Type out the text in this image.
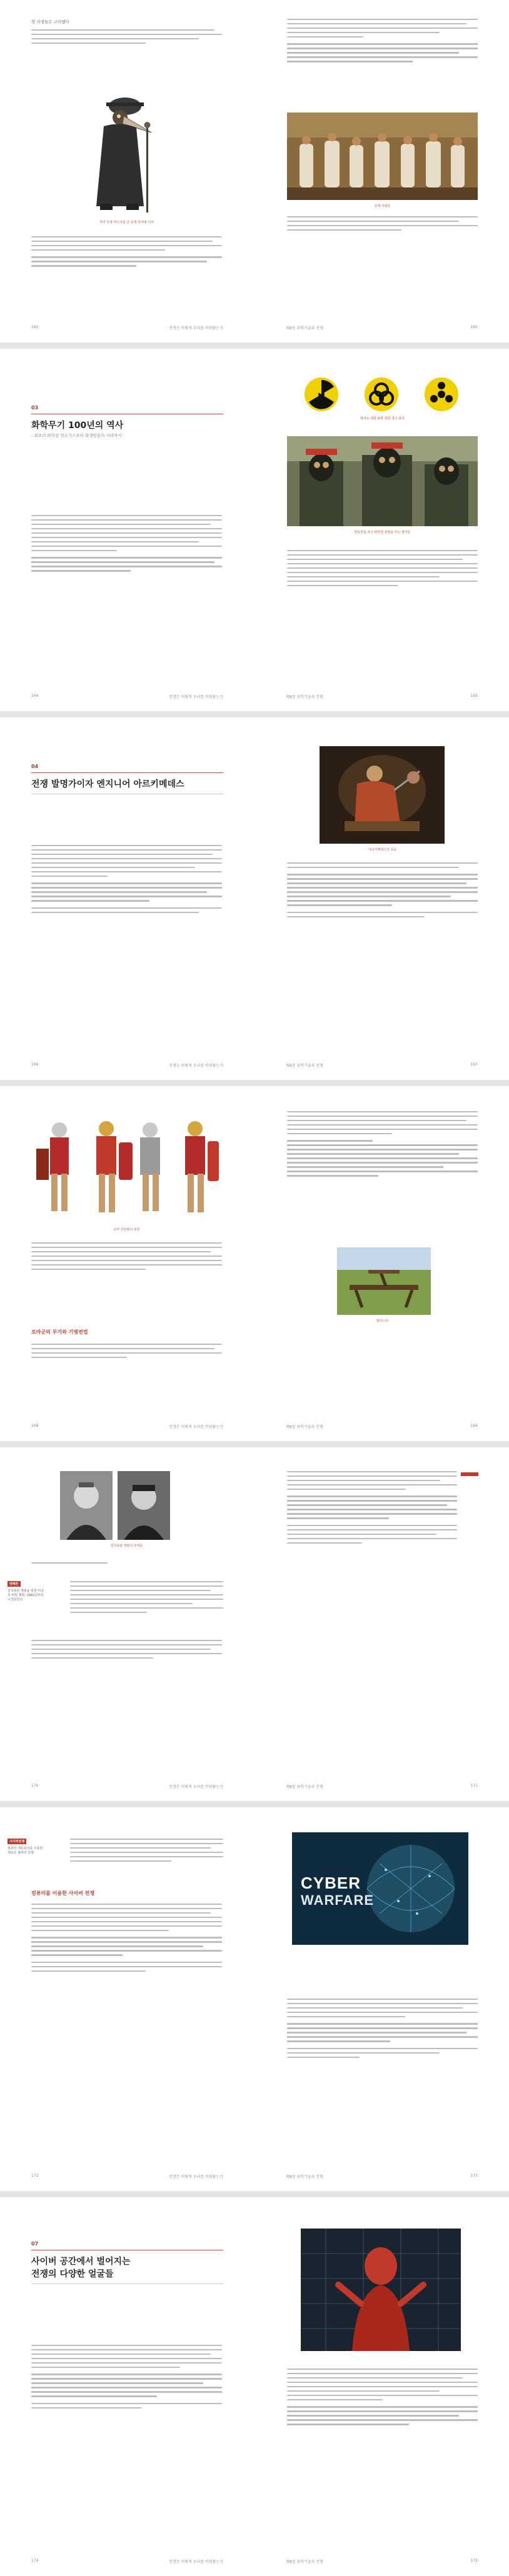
형 의생들은 고러했다
부리 모양 마스크를 쓴 중세 흑사병 의사
162	전쟁은 어떻게 우리를 바꿔왔는가
중세 사람들
제8장 과학기술과 전쟁	165
03
화학무기 100년의 역사
- 최초의 화학전 염소가스부터 화생방전의 시대까지
164	전쟁은 어떻게 우리를 바꿔왔는가
방사능·생물·화학 위험 경고 표지
방독면을 쓰고 화학전 훈련을 하는 병사들
제8장 과학기술과 전쟁	165
04
전쟁 발명가이자 엔지니어 아르키메데스
166	전쟁은 어떻게 우리를 바꿔왔는가
아르키메데스의 죽음
제8장 과학기술과 전쟁	167
로마 군단병의 복장
로마군의 무기와 기병전법
168	전쟁은 어떻게 우리를 바꿔왔는가
발리스타
제8장 과학기술과 전쟁	169
원자폭탄 개발의 주역들
맨해튼
원자폭탄 개발을 위한 미국의 비밀 계획. 1942년부터 시작되었다.
170	전쟁은 어떻게 우리를 바꿔왔는가	제8장 과학기술과 전쟁	171
사이버전쟁
컴퓨터 네트워크를 이용한 새로운 형태의 전쟁
컴퓨터를 이용한 사이버 전쟁
172	전쟁은 어떻게 우리를 바꿔왔는가
CYBER
WARFARE
제8장 과학기술과 전쟁	173
07
사이버 공간에서 벌어지는
전쟁의 다양한 얼굴들
174	전쟁은 어떻게 우리를 바꿔왔는가	제8장 과학기술과 전쟁	175
